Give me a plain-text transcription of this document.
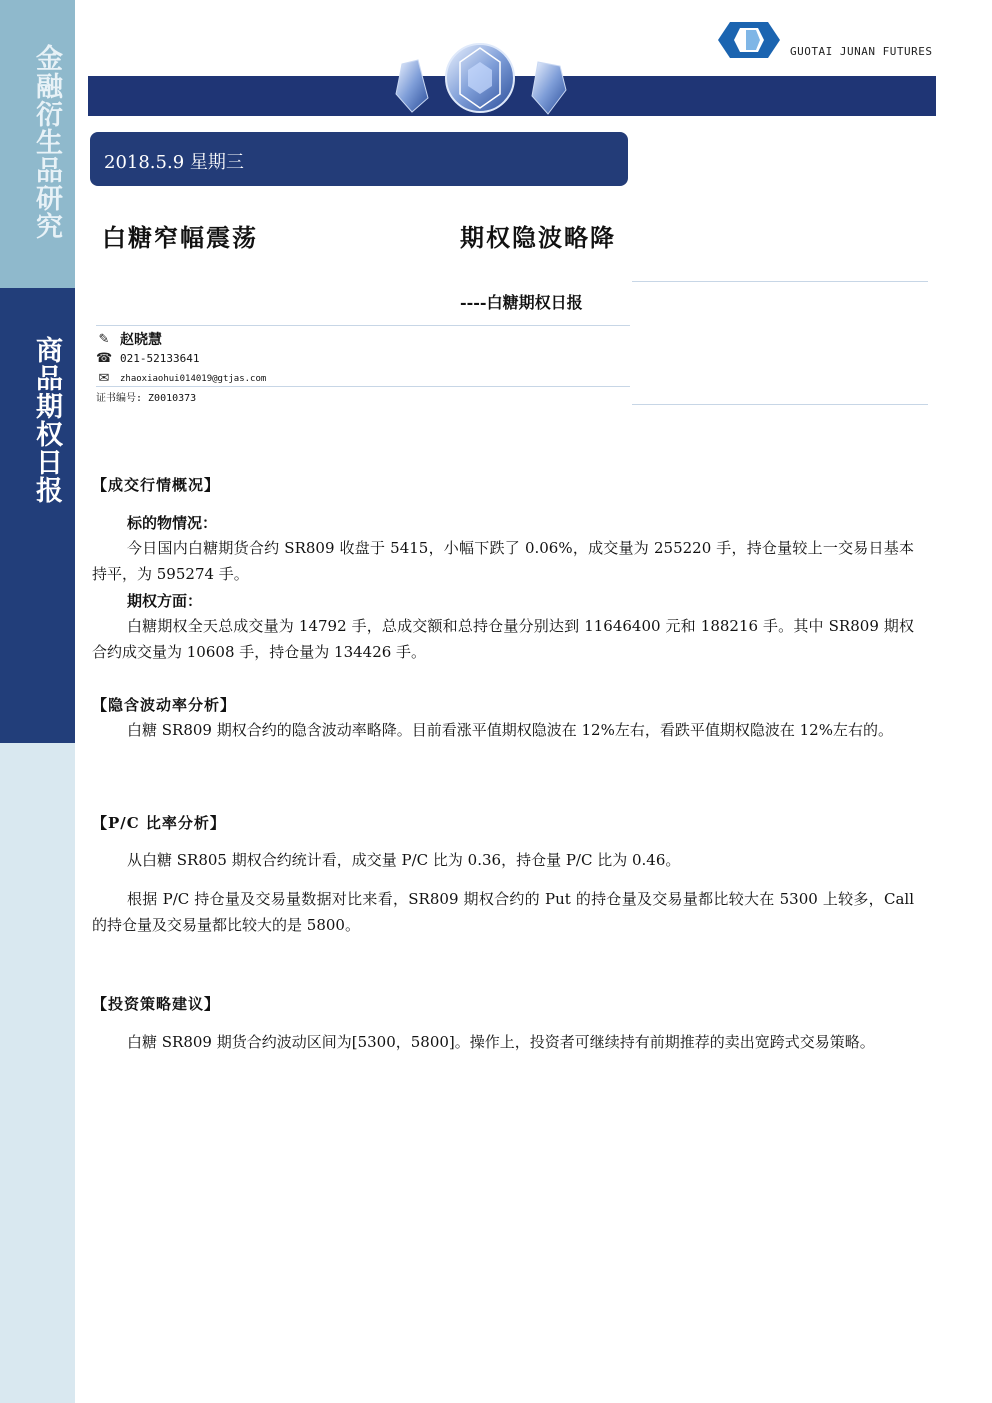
金融衍生品研究
商品期权日报
GUOTAI JUNAN FUTURES
2018.5.9 星期三
白糖窄幅震荡	期权隐波略降
----白糖期权日报
✎ 赵晓慧
☎ 021-52133641
✉ zhaoxiaohui014019@gtjas.com
证书编号: Z0010373
【成交行情概况】
标的物情况：
今日国内白糖期货合约 SR809 收盘于 5415，小幅下跌了 0.06%，成交量为 255220 手，持仓量较上一交易日基本持平，为 595274 手。
期权方面：
白糖期权全天总成交量为 14792 手，总成交额和总持仓量分别达到 11646400 元和 188216 手。其中 SR809 期权合约成交量为 10608 手，持仓量为 134426 手。
【隐含波动率分析】
白糖 SR809 期权合约的隐含波动率略降。目前看涨平值期权隐波在 12%左右，看跌平值期权隐波在 12%左右的。
【P/C 比率分析】
从白糖 SR805 期权合约统计看，成交量 P/C 比为 0.36，持仓量 P/C 比为 0.46。
根据 P/C 持仓量及交易量数据对比来看，SR809 期权合约的 Put 的持仓量及交易量都比较大在 5300 上较多，Call 的持仓量及交易量都比较大的是 5800。
【投资策略建议】
白糖 SR809 期货合约波动区间为[5300，5800]。操作上，投资者可继续持有前期推荐的卖出宽跨式交易策略。
